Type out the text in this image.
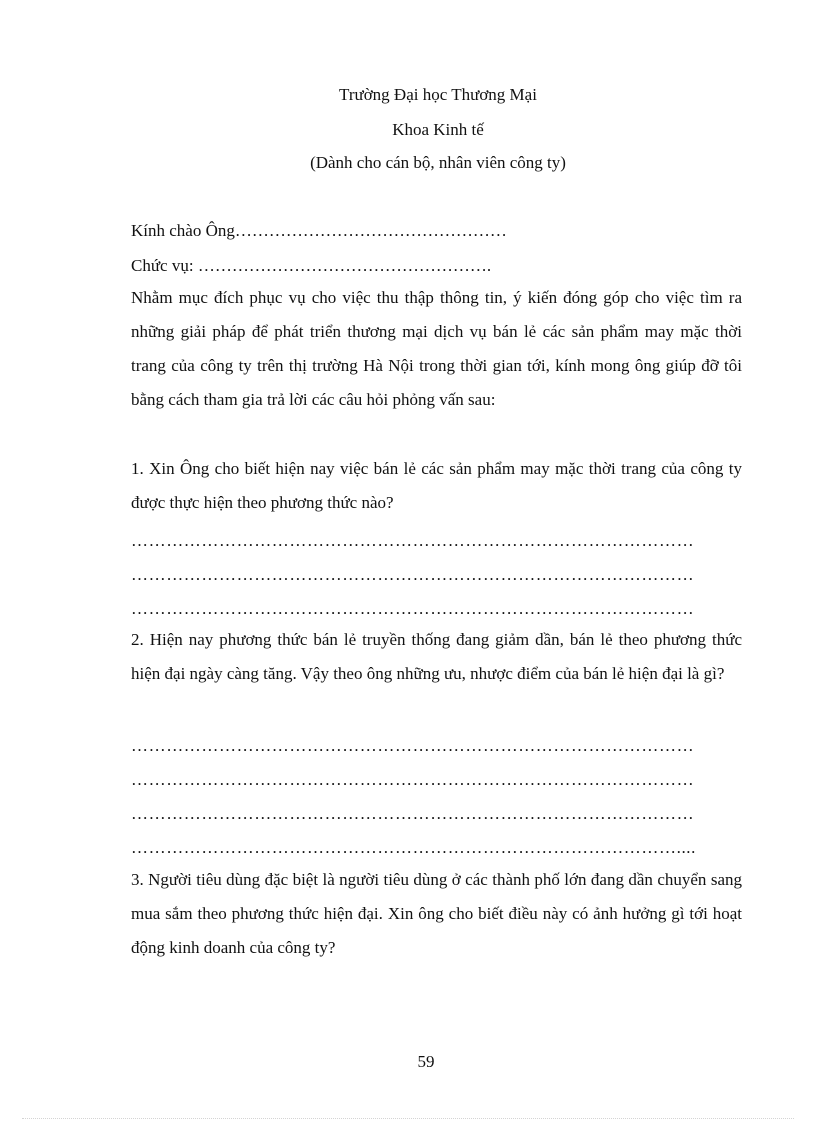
Trường Đại học Thương Mại
Khoa Kinh tế
(Dành cho cán bộ, nhân viên công ty)
Kính chào Ông…………………………………………
Chức vụ: …………………………………………….
Nhằm mục đích phục vụ cho việc thu thập thông tin, ý kiến đóng góp cho việc tìm ra những giải pháp để phát triển thương mại dịch vụ bán lẻ các sản phẩm may mặc thời trang của công ty trên thị trường Hà Nội trong thời gian tới, kính mong ông giúp đỡ tôi bằng cách tham gia trả lời các câu hỏi phỏng vấn sau:
1. Xin Ông cho biết hiện nay việc bán lẻ các sản phẩm may mặc thời trang của công ty được thực hiện theo phương thức nào?
……………………………………………………………………………………
……………………………………………………………………………………
……………………………………………………………………………………
2. Hiện nay phương thức bán lẻ truyền thống đang giảm dần, bán lẻ theo phương thức hiện đại ngày càng tăng. Vậy theo ông những ưu, nhược điểm của bán lẻ hiện đại là gì?
……………………………………………………………………………………
……………………………………………………………………………………
……………………………………………………………………………………
…………………………………………………………………………………....
3. Người tiêu dùng đặc biệt là người tiêu dùng ở các thành phố lớn đang dần chuyển sang mua sắm theo phương thức hiện đại. Xin ông cho biết điều này có ảnh hưởng gì tới hoạt động kinh doanh của công ty?
59
